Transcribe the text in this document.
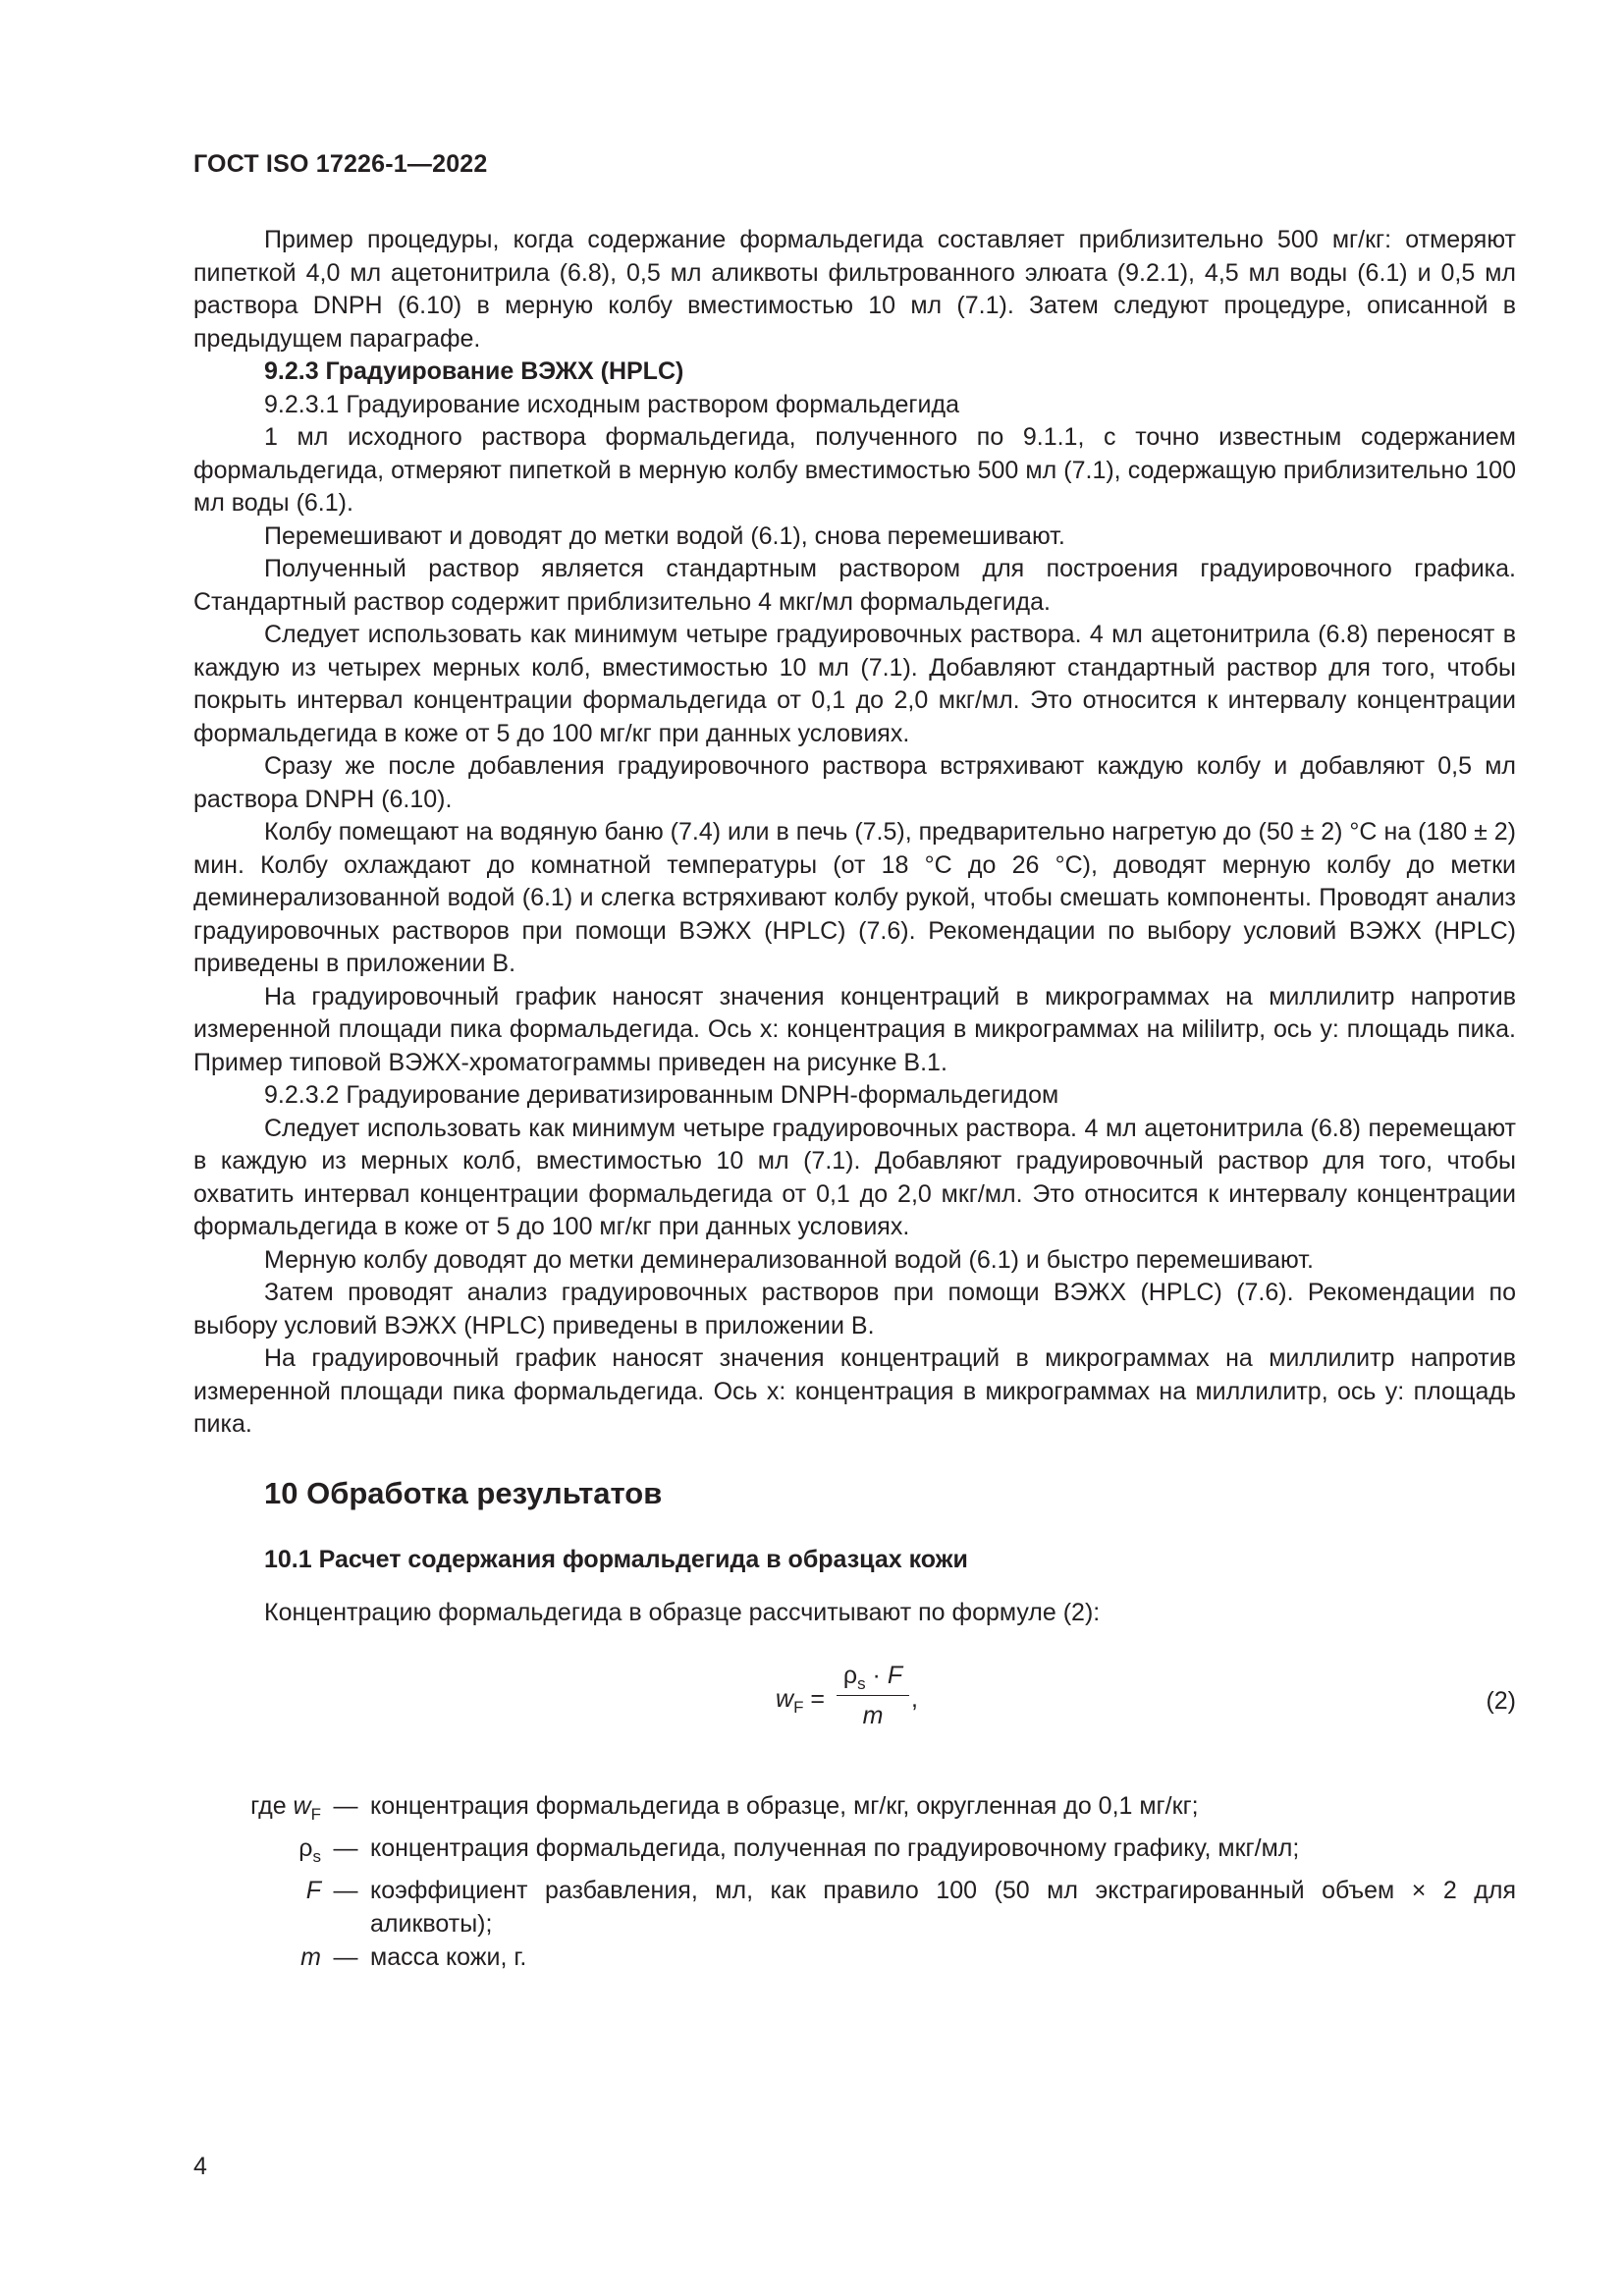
ГОСТ ISO 17226-1—2022

Пример процедуры, когда содержание формальдегида составляет приблизительно 500 мг/кг: отмеряют пипеткой 4,0 мл ацетонитрила (6.8), 0,5 мл аликвоты фильтрованного элюата (9.2.1), 4,5 мл воды (6.1) и 0,5 мл раствора DNPH (6.10) в мерную колбу вместимостью 10 мл (7.1). Затем следуют процедуре, описанной в предыдущем параграфе.

9.2.3 Градуирование ВЭЖХ (HPLC)

9.2.3.1 Градуирование исходным раствором формальдегида

1 мл исходного раствора формальдегида, полученного по 9.1.1, с точно известным содержанием формальдегида, отмеряют пипеткой в мерную колбу вместимостью 500 мл (7.1), содержащую приблизительно 100 мл воды (6.1).

Перемешивают и доводят до метки водой (6.1), снова перемешивают.

Полученный раствор является стандартным раствором для построения градуировочного графика. Стандартный раствор содержит приблизительно 4 мкг/мл формальдегида.

Следует использовать как минимум четыре градуировочных раствора. 4 мл ацетонитрила (6.8) переносят в каждую из четырех мерных колб, вместимостью 10 мл (7.1). Добавляют стандартный раствор для того, чтобы покрыть интервал концентрации формальдегида от 0,1 до 2,0 мкг/мл. Это относится к интервалу концентрации формальдегида в коже от 5 до 100 мг/кг при данных условиях.

Сразу же после добавления градуировочного раствора встряхивают каждую колбу и добавляют 0,5 мл раствора DNPH (6.10).

Колбу помещают на водяную баню (7.4) или в печь (7.5), предварительно нагретую до (50 ± 2) °С на (180 ± 2) мин. Колбу охлаждают до комнатной температуры (от 18 °С до 26 °С), доводят мерную колбу до метки деминерализованной водой (6.1) и слегка встряхивают колбу рукой, чтобы смешать компоненты. Проводят анализ градуировочных растворов при помощи ВЭЖХ (HPLC) (7.6). Рекомендации по выбору условий ВЭЖХ (HPLC) приведены в приложении В.

На градуировочный график наносят значения концентраций в микрограммах на миллилитр напротив измеренной площади пика формальдегида. Ось x: концентрация в микрограммах на мililитр, ось у: площадь пика. Пример типовой ВЭЖХ-хроматограммы приведен на рисунке В.1.

9.2.3.2 Градуирование дериватизированным DNPH-формальдегидом

Следует использовать как минимум четыре градуировочных раствора. 4 мл ацетонитрила (6.8) перемещают в каждую из мерных колб, вместимостью 10 мл (7.1). Добавляют градуировочный раствор для того, чтобы охватить интервал концентрации формальдегида от 0,1 до 2,0 мкг/мл. Это относится к интервалу концентрации формальдегида в коже от 5 до 100 мг/кг при данных условиях.

Мерную колбу доводят до метки деминерализованной водой (6.1) и быстро перемешивают.

Затем проводят анализ градуировочных растворов при помощи ВЭЖХ (HPLC) (7.6). Рекомендации по выбору условий ВЭЖХ (HPLC) приведены в приложении В.

На градуировочный график наносят значения концентраций в микрограммах на миллилитр напротив измеренной площади пика формальдегида. Ось x: концентрация в микрограммах на миллилитр, ось у: площадь пика.

10 Обработка результатов
10.1 Расчет содержания формальдегида в образцах кожи
Концентрацию формальдегида в образце рассчитывают по формуле (2):
$w_F$ =
$\rho_s \cdot F$
m
,	(2)
где $w_F$ — концентрация формальдегида в образце, мг/кг, округленная до 0,1 мг/кг;
$\rho_s$ — концентрация формальдегида, полученная по градуировочному графику, мкг/мл;
F — коэффициент разбавления, мл, как правило 100 (50 мл экстрагированный объем × 2 для аликвоты);
m — масса кожи, г.
4
